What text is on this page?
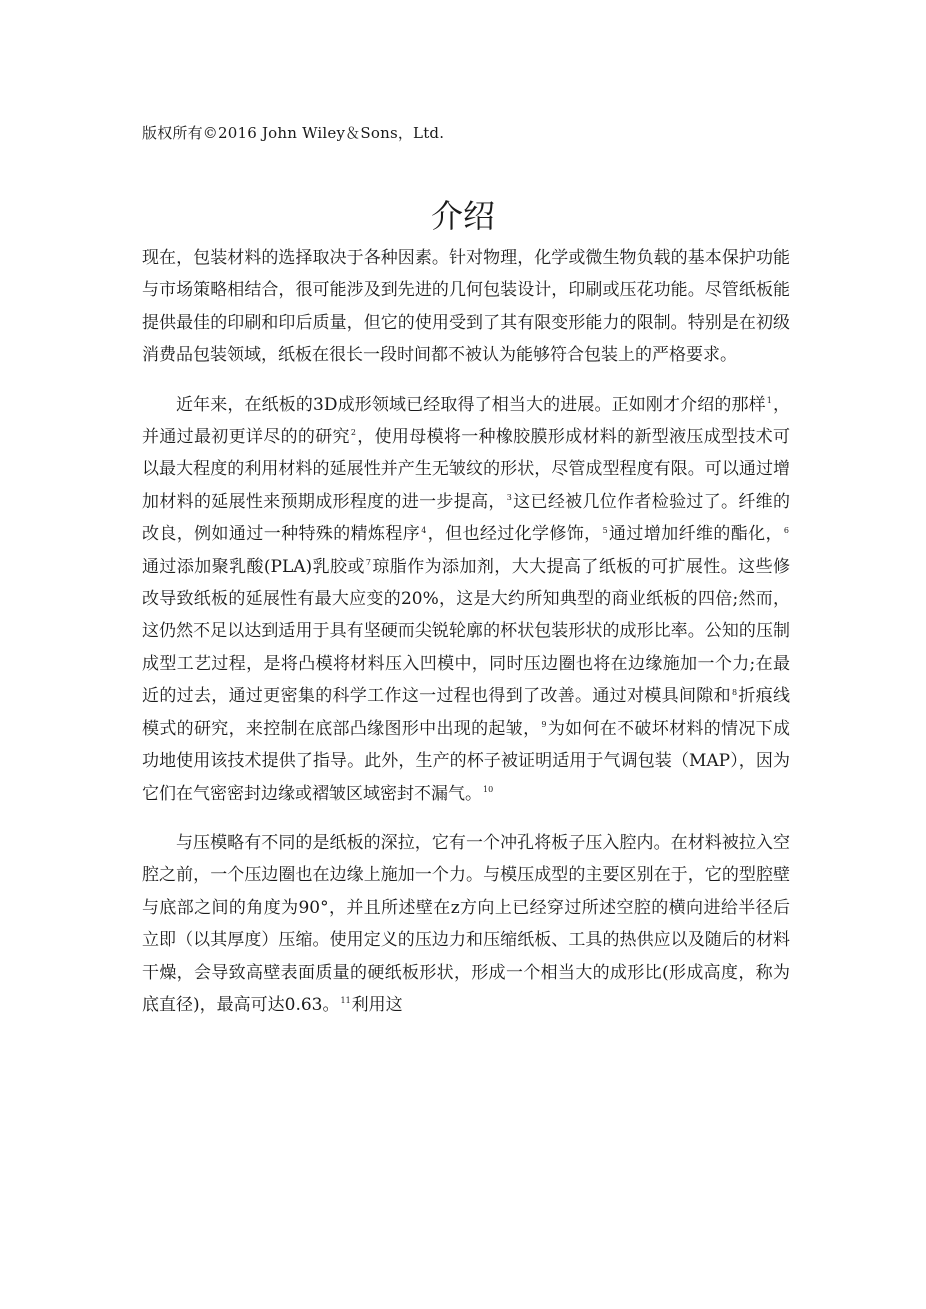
版权所有©2016 John Wiley＆Sons，Ltd.
介绍

现在，包装材料的选择取决于各种因素。针对物理，化学或微生物负载的基本保护功能与市场策略相结合，很可能涉及到先进的几何包装设计，印刷或压花功能。尽管纸板能提供最佳的印刷和印后质量，但它的使用受到了其有限变形能力的限制。特别是在初级消费品包装领域，纸板在很长一段时间都不被认为能够符合包装上的严格要求。

近年来，在纸板的3D成形领域已经取得了相当大的进展。正如刚才介绍的那样$^1$，并通过最初更详尽的的研究$^2$，使用母模将一种橡胶膜形成材料的新型液压成型技术可以最大程度的利用材料的延展性并产生无皱纹的形状，尽管成型程度有限。可以通过增加材料的延展性来预期成形程度的进一步提高，$^3$这已经被几位作者检验过了。纤维的改良，例如通过一种特殊的精炼程序$^4$，但也经过化学修饰，$^5$通过增加纤维的酯化，$^6$通过添加聚乳酸(PLA)乳胶或$^7$琼脂作为添加剂，大大提高了纸板的可扩展性。这些修改导致纸板的延展性有最大应变的20%，这是大约所知典型的商业纸板的四倍;然而，这仍然不足以达到适用于具有坚硬而尖锐轮廓的杯状包装形状的成形比率。公知的压制成型工艺过程，是将凸模将材料压入凹模中，同时压边圈也将在边缘施加一个力;在最近的过去，通过更密集的科学工作这一过程也得到了改善。通过对模具间隙和$^8$折痕线模式的研究，来控制在底部凸缘图形中出现的起皱，$^9$为如何在不破坏材料的情况下成功地使用该技术提供了指导。此外，生产的杯子被证明适用于气调包装（MAP），因为它们在气密密封边缘或褶皱区域密封不漏气。$^{10}$

与压模略有不同的是纸板的深拉，它有一个冲孔将板子压入腔内。在材料被拉入空腔之前，一个压边圈也在边缘上施加一个力。与模压成型的主要区别在于，它的型腔壁与底部之间的角度为90°，并且所述壁在z方向上已经穿过所述空腔的横向进给半径后立即（以其厚度）压缩。使用定义的压边力和压缩纸板、工具的热供应以及随后的材料干燥，会导致高壁表面质量的硬纸板形状，形成一个相当大的成形比(形成高度，称为底直径)，最高可达0.63。$^{11}$利用这
